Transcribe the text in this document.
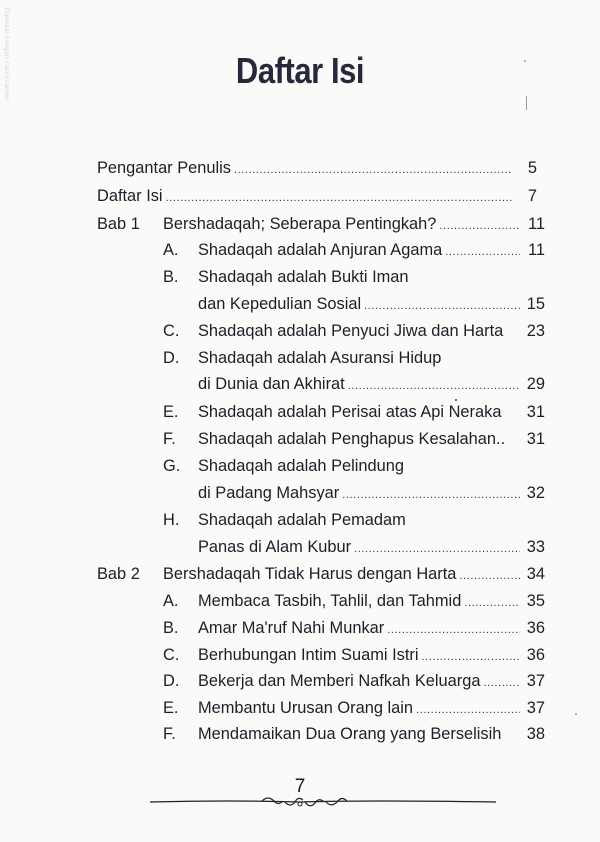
Dipindai dengan CamScanner	Daftar Isi
Pengantar Penulis .....	5
Daftar Isi .....	7
Bab 1 Bershadaqah; Seberapa Pentingkah? .....	11
A. Shadaqah adalah Anjuran Agama .....	11
B. Shadaqah adalah Bukti Iman
dan Kepedulian Sosial .....	15
C. Shadaqah adalah Penyuci Jiwa dan Harta 23
D. Shadaqah adalah Asuransi Hidup
di Dunia dan Akhirat .....	29
E. Shadaqah adalah Perisai atas Api Neraka 31
F. Shadaqah adalah Penghapus Kesalahan.. 31
G. Shadaqah adalah Pelindung
di Padang Mahsyar .....	32
H. Shadaqah adalah Pemadam
Panas di Alam Kubur .....	33
Bab 2 Bershadaqah Tidak Harus dengan Harta .....	34
A. Membaca Tasbih, Tahlil, dan Tahmid .....	35
B. Amar Ma'ruf Nahi Munkar .....	36
C. Berhubungan Intim Suami Istri .....	36
D. Bekerja dan Memberi Nafkah Keluarga .....	37
E. Membantu Urusan Orang lain .....	37
F. Mendamaikan Dua Orang yang Berselisih 38
7
